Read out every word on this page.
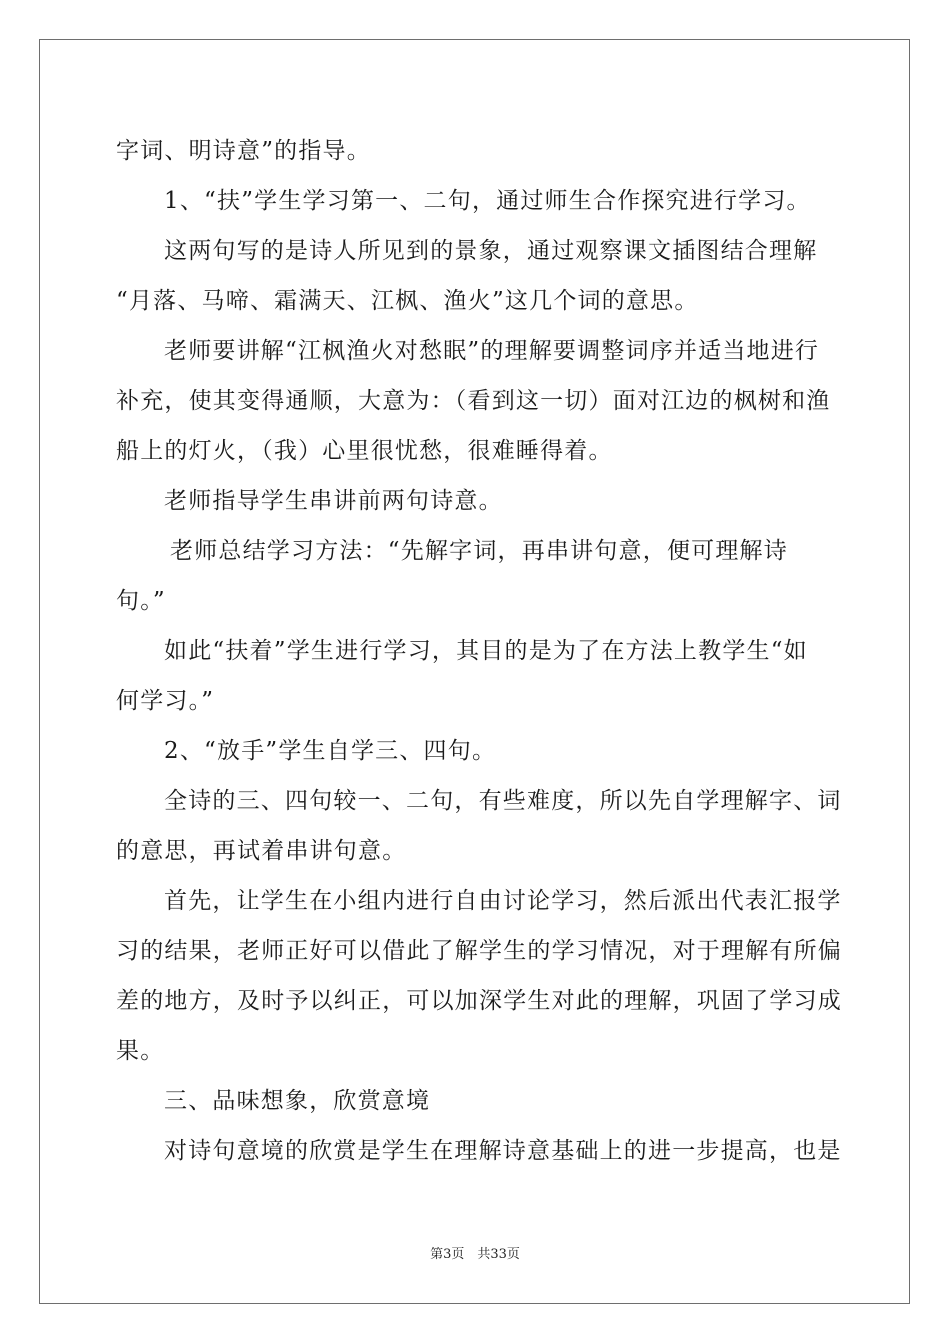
字词、明诗意”的指导。
1、“扶”学生学习第一、二句，通过师生合作探究进行学习。
这两句写的是诗人所见到的景象，通过观察课文插图结合理解
“月落、马啼、霜满天、江枫、渔火”这几个词的意思。
老师要讲解“江枫渔火对愁眠”的理解要调整词序并适当地进行
补充，使其变得通顺，大意为：（看到这一切）面对江边的枫树和渔
船上的灯火，（我）心里很忧愁，很难睡得着。
老师指导学生串讲前两句诗意。
老师总结学习方法：“先解字词，再串讲句意，便可理解诗
句。”
如此“扶着”学生进行学习，其目的是为了在方法上教学生“如
何学习。”
2、“放手”学生自学三、四句。
全诗的三、四句较一、二句，有些难度，所以先自学理解字、词
的意思，再试着串讲句意。
首先，让学生在小组内进行自由讨论学习，然后派出代表汇报学
习的结果，老师正好可以借此了解学生的学习情况，对于理解有所偏
差的地方，及时予以纠正，可以加深学生对此的理解，巩固了学习成
果。
三、品味想象，欣赏意境
对诗句意境的欣赏是学生在理解诗意基础上的进一步提高，也是
第3页　共33页
